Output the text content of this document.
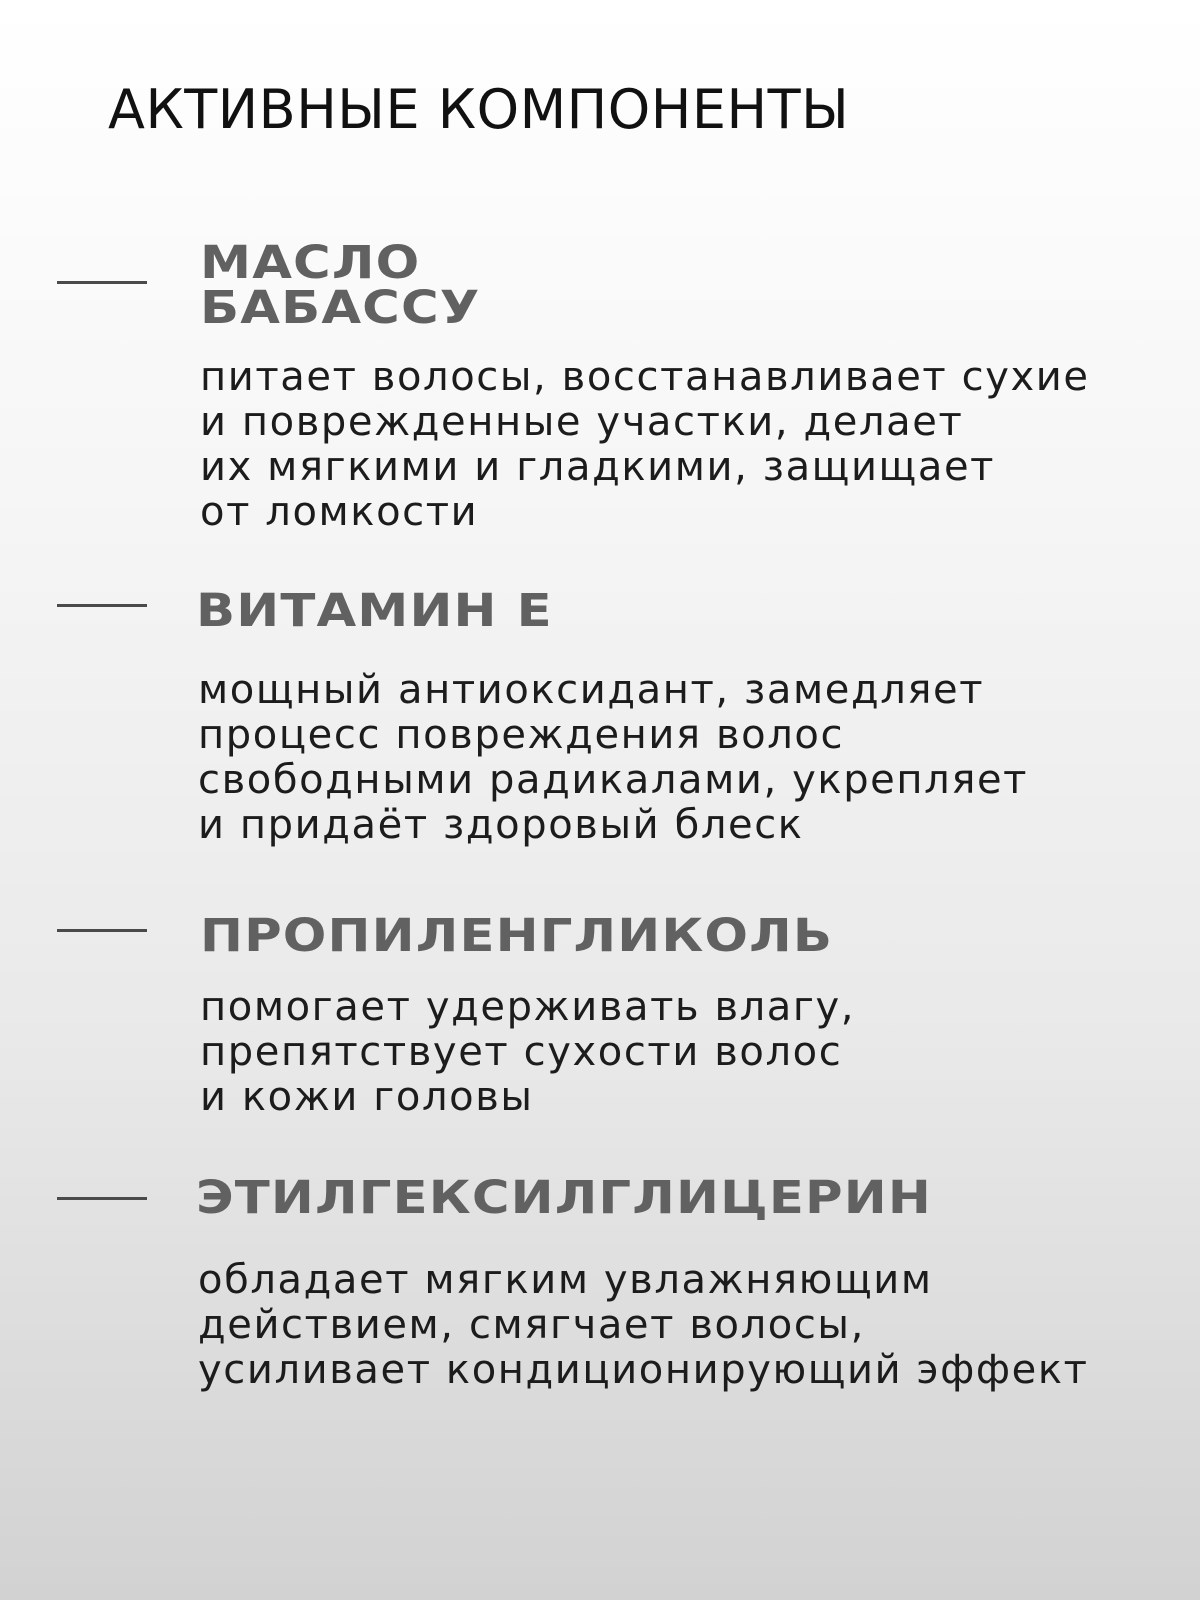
АКТИВНЫЕ КОМПОНЕНТЫ
МАСЛО
БАБАССУ

питает волосы, восстанавливает сухие
и поврежденные участки, делает
их мягкими и гладкими, защищает
от ломкости

ВИТАМИН Е

мощный антиоксидант, замедляет
процесс повреждения волос
свободными радикалами, укрепляет
и придаёт здоровый блеск

ПРОПИЛЕНГЛИКОЛЬ

помогает удерживать влагу,
препятствует сухости волос
и кожи головы

ЭТИЛГЕКСИЛГЛИЦЕРИН

обладает мягким увлажняющим
действием, смягчает волосы,
усиливает кондиционирующий эффект
